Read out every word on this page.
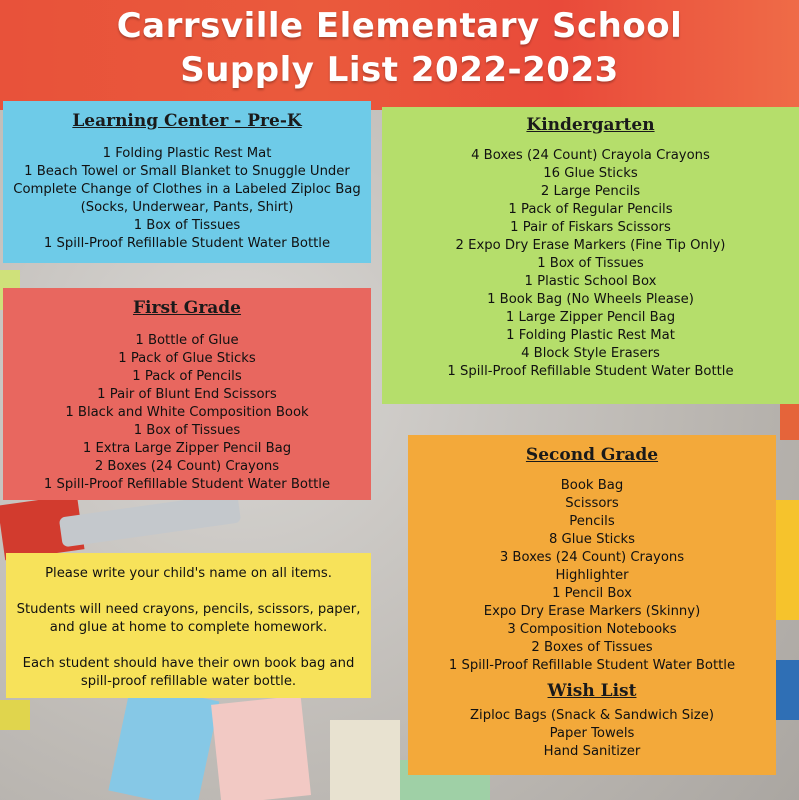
Carrsville Elementary School
Supply List 2022-2023
Learning Center - Pre-K
1 Folding Plastic Rest Mat
1 Beach Towel or Small Blanket to Snuggle Under
Complete Change of Clothes in a Labeled Ziploc Bag
(Socks, Underwear, Pants, Shirt)
1 Box of Tissues
1 Spill-Proof Refillable Student Water Bottle
Kindergarten
4 Boxes (24 Count) Crayola Crayons
16 Glue Sticks
2 Large Pencils
1 Pack of Regular Pencils
1 Pair of Fiskars Scissors
2 Expo Dry Erase Markers (Fine Tip Only)
1 Box of Tissues
1 Plastic School Box
1 Book Bag (No Wheels Please)
1 Large Zipper Pencil Bag
1 Folding Plastic Rest Mat
4 Block Style Erasers
1 Spill-Proof Refillable Student Water Bottle
First Grade
1 Bottle of Glue
1 Pack of Glue Sticks
1 Pack of Pencils
1 Pair of Blunt End Scissors
1 Black and White Composition Book
1 Box of Tissues
1 Extra Large Zipper Pencil Bag
2 Boxes (24 Count) Crayons
1 Spill-Proof Refillable Student Water Bottle
Second Grade
Book Bag
Scissors
Pencils
8 Glue Sticks
3 Boxes (24 Count) Crayons
Highlighter
1 Pencil Box
Expo Dry Erase Markers (Skinny)
3 Composition Notebooks
2 Boxes of Tissues
1 Spill-Proof Refillable Student Water Bottle
Wish List
Ziploc Bags (Snack & Sandwich Size)
Paper Towels
Hand Sanitizer

Please write your child's name on all items.

Students will need crayons, pencils, scissors, paper,

and glue at home to complete homework.

Each student should have their own book bag and

spill-proof refillable water bottle.
